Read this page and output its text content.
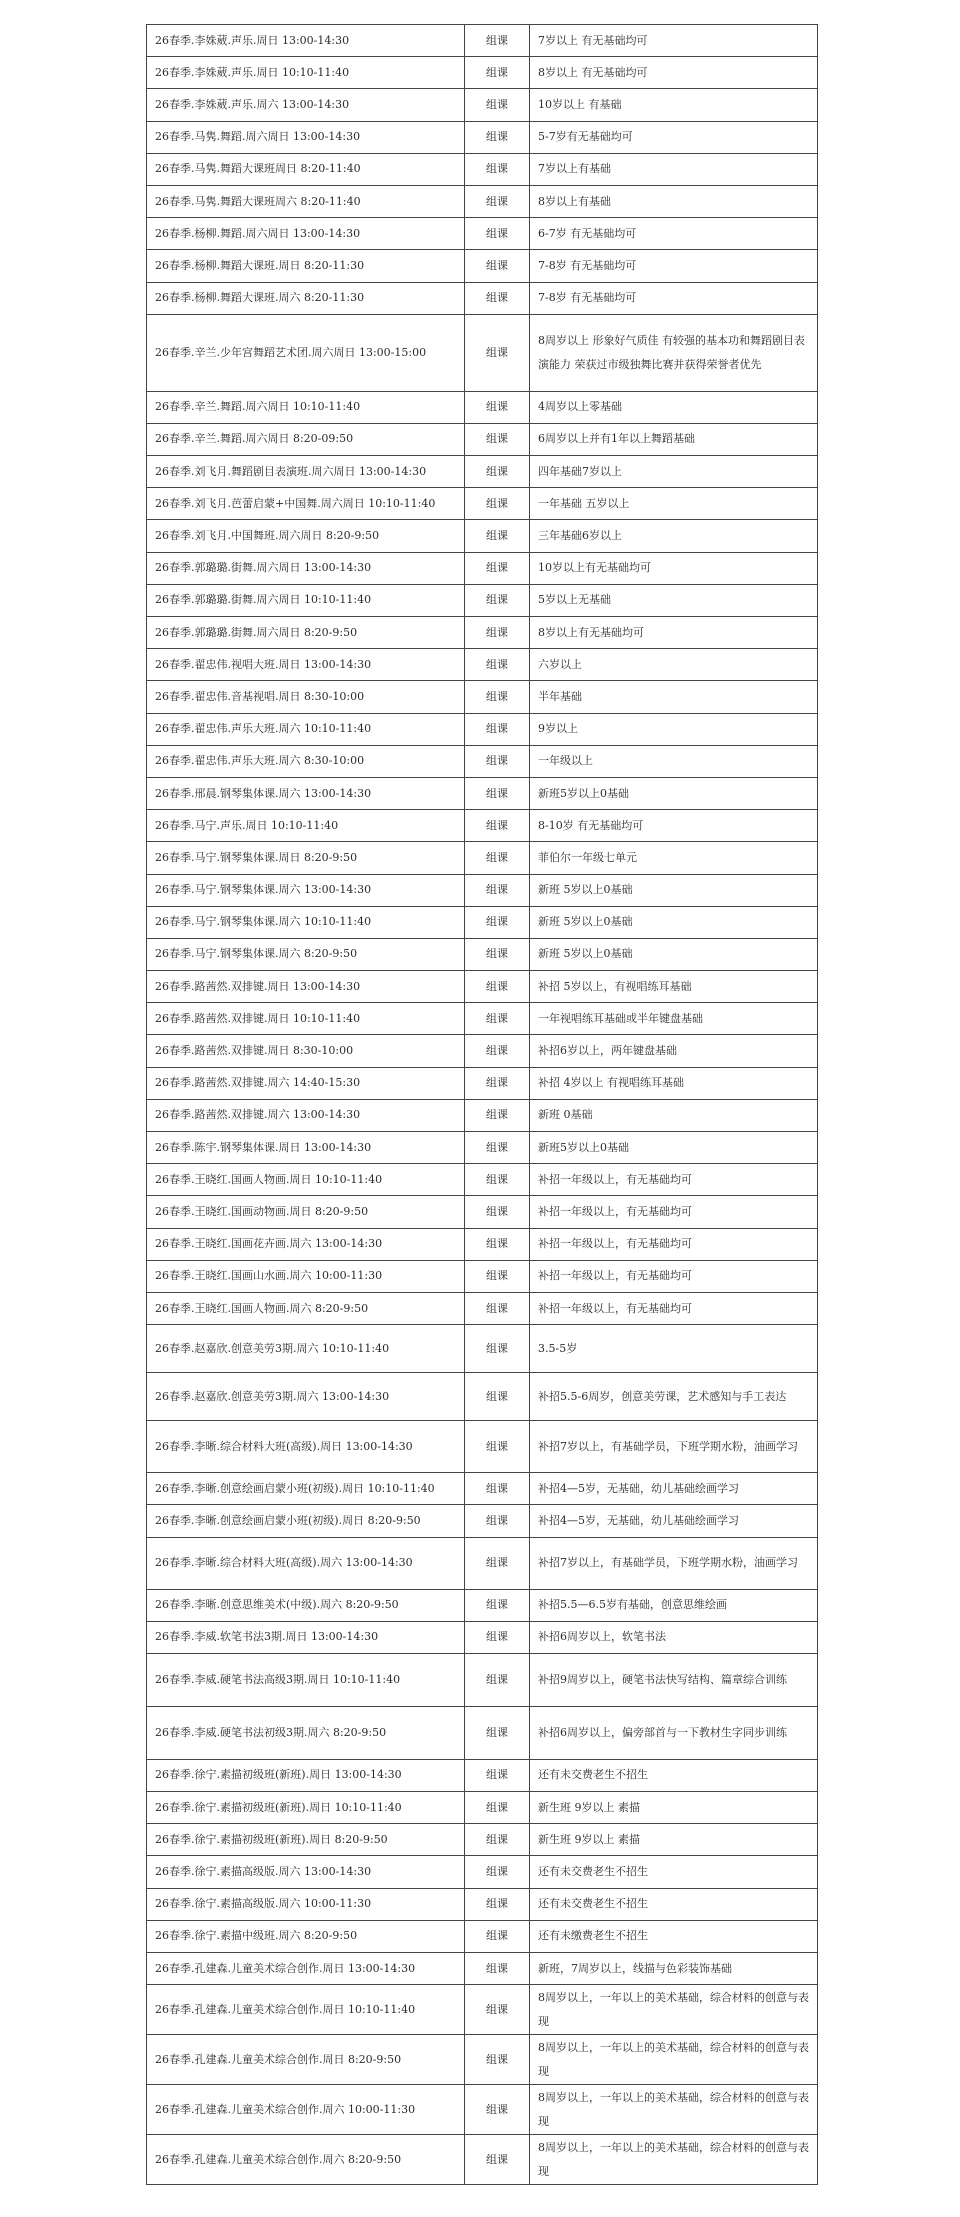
26春季.李姝葳.声乐.周日 13:00-14:30	组课	7岁以上 有无基础均可
26春季.李姝葳.声乐.周日 10:10-11:40	组课	8岁以上 有无基础均可
26春季.李姝葳.声乐.周六 13:00-14:30	组课	10岁以上 有基础
26春季.马隽.舞蹈.周六周日 13:00-14:30	组课	5-7岁有无基础均可
26春季.马隽.舞蹈大课班周日 8:20-11:40	组课	7岁以上有基础
26春季.马隽.舞蹈大课班周六 8:20-11:40	组课	8岁以上有基础
26春季.杨柳.舞蹈.周六周日 13:00-14:30	组课	6-7岁 有无基础均可
26春季.杨柳.舞蹈大课班.周日 8:20-11:30	组课	7-8岁 有无基础均可
26春季.杨柳.舞蹈大课班.周六 8:20-11:30	组课	7-8岁 有无基础均可
26春季.辛兰.少年宫舞蹈艺术团.周六周日 13:00-15:00	组课	8周岁以上 形象好气质佳 有较强的基本功和舞蹈剧目表演能力 荣获过市级独舞比赛并获得荣誉者优先
26春季.辛兰.舞蹈.周六周日 10:10-11:40	组课	4周岁以上零基础
26春季.辛兰.舞蹈.周六周日 8:20-09:50	组课	6周岁以上并有1年以上舞蹈基础
26春季.刘飞月.舞蹈剧目表演班.周六周日 13:00-14:30	组课	四年基础7岁以上
26春季.刘飞月.芭蕾启蒙+中国舞.周六周日 10:10-11:40	组课	一年基础 五岁以上
26春季.刘飞月.中国舞班.周六周日 8:20-9:50	组课	三年基础6岁以上
26春季.郭璐璐.街舞.周六周日 13:00-14:30	组课	10岁以上有无基础均可
26春季.郭璐璐.街舞.周六周日 10:10-11:40	组课	5岁以上无基础
26春季.郭璐璐.街舞.周六周日 8:20-9:50	组课	8岁以上有无基础均可
26春季.翟忠伟.视唱大班.周日 13:00-14:30	组课	六岁以上
26春季.翟忠伟.音基视唱.周日 8:30-10:00	组课	半年基础
26春季.翟忠伟.声乐大班.周六 10:10-11:40	组课	9岁以上
26春季.翟忠伟.声乐大班.周六 8:30-10:00	组课	一年级以上
26春季.邢晨.钢琴集体课.周六 13:00-14:30	组课	新班5岁以上0基础
26春季.马宁.声乐.周日 10:10-11:40	组课	8-10岁 有无基础均可
26春季.马宁.钢琴集体课.周日 8:20-9:50	组课	菲伯尔一年级七单元
26春季.马宁.钢琴集体课.周六 13:00-14:30	组课	新班 5岁以上0基础
26春季.马宁.钢琴集体课.周六 10:10-11:40	组课	新班 5岁以上0基础
26春季.马宁.钢琴集体课.周六 8:20-9:50	组课	新班 5岁以上0基础
26春季.路茜然.双排键.周日 13:00-14:30	组课	补招 5岁以上，有视唱练耳基础
26春季.路茜然.双排键.周日 10:10-11:40	组课	一年视唱练耳基础或半年键盘基础
26春季.路茜然.双排键.周日 8:30-10:00	组课	补招6岁以上，两年键盘基础
26春季.路茜然.双排键.周六 14:40-15:30	组课	补招 4岁以上 有视唱练耳基础
26春季.路茜然.双排键.周六 13:00-14:30	组课	新班 0基础
26春季.陈宇.钢琴集体课.周日 13:00-14:30	组课	新班5岁以上0基础
26春季.王晓红.国画人物画.周日 10:10-11:40	组课	补招一年级以上，有无基础均可
26春季.王晓红.国画动物画.周日 8:20-9:50	组课	补招一年级以上，有无基础均可
26春季.王晓红.国画花卉画.周六 13:00-14:30	组课	补招一年级以上，有无基础均可
26春季.王晓红.国画山水画.周六 10:00-11:30	组课	补招一年级以上，有无基础均可
26春季.王晓红.国画人物画.周六 8:20-9:50	组课	补招一年级以上，有无基础均可
26春季.赵嘉欣.创意美劳3期.周六 10:10-11:40	组课	3.5-5岁
26春季.赵嘉欣.创意美劳3期.周六 13:00-14:30	组课	补招5.5-6周岁，创意美劳课，艺术感知与手工表达
26春季.李晰.综合材料大班(高级).周日 13:00-14:30	组课	补招7岁以上，有基础学员，下班学期水粉，油画学习
26春季.李晰.创意绘画启蒙小班(初级).周日 10:10-11:40	组课	补招4—5岁，无基础，幼儿基础绘画学习
26春季.李晰.创意绘画启蒙小班(初级).周日 8:20-9:50	组课	补招4—5岁，无基础，幼儿基础绘画学习
26春季.李晰.综合材料大班(高级).周六 13:00-14:30	组课	补招7岁以上，有基础学员，下班学期水粉，油画学习
26春季.李晰.创意思维美术(中级).周六 8:20-9:50	组课	补招5.5—6.5岁有基础，创意思维绘画
26春季.李威.软笔书法3期.周日 13:00-14:30	组课	补招6周岁以上，软笔书法
26春季.李威.硬笔书法高级3期.周日 10:10-11:40	组课	补招9周岁以上，硬笔书法快写结构、篇章综合训练
26春季.李威.硬笔书法初级3期.周六 8:20-9:50	组课	补招6周岁以上，偏旁部首与一下教材生字同步训练
26春季.徐宁.素描初级班(新班).周日 13:00-14:30	组课	还有未交费老生不招生
26春季.徐宁.素描初级班(新班).周日 10:10-11:40	组课	新生班 9岁以上 素描
26春季.徐宁.素描初级班(新班).周日 8:20-9:50	组课	新生班 9岁以上 素描
26春季.徐宁.素描高级版.周六 13:00-14:30	组课	还有未交费老生不招生
26春季.徐宁.素描高级版.周六 10:00-11:30	组课	还有未交费老生不招生
26春季.徐宁.素描中级班.周六 8:20-9:50	组课	还有未缴费老生不招生
26春季.孔建森.儿童美术综合创作.周日 13:00-14:30	组课	新班，7周岁以上，线描与色彩装饰基础
26春季.孔建森.儿童美术综合创作.周日 10:10-11:40	组课	8周岁以上，一年以上的美术基础，综合材料的创意与表现
26春季.孔建森.儿童美术综合创作.周日 8:20-9:50	组课	8周岁以上，一年以上的美术基础，综合材料的创意与表现
26春季.孔建森.儿童美术综合创作.周六 10:00-11:30	组课	8周岁以上，一年以上的美术基础，综合材料的创意与表现
26春季.孔建森.儿童美术综合创作.周六 8:20-9:50	组课	8周岁以上，一年以上的美术基础，综合材料的创意与表现
